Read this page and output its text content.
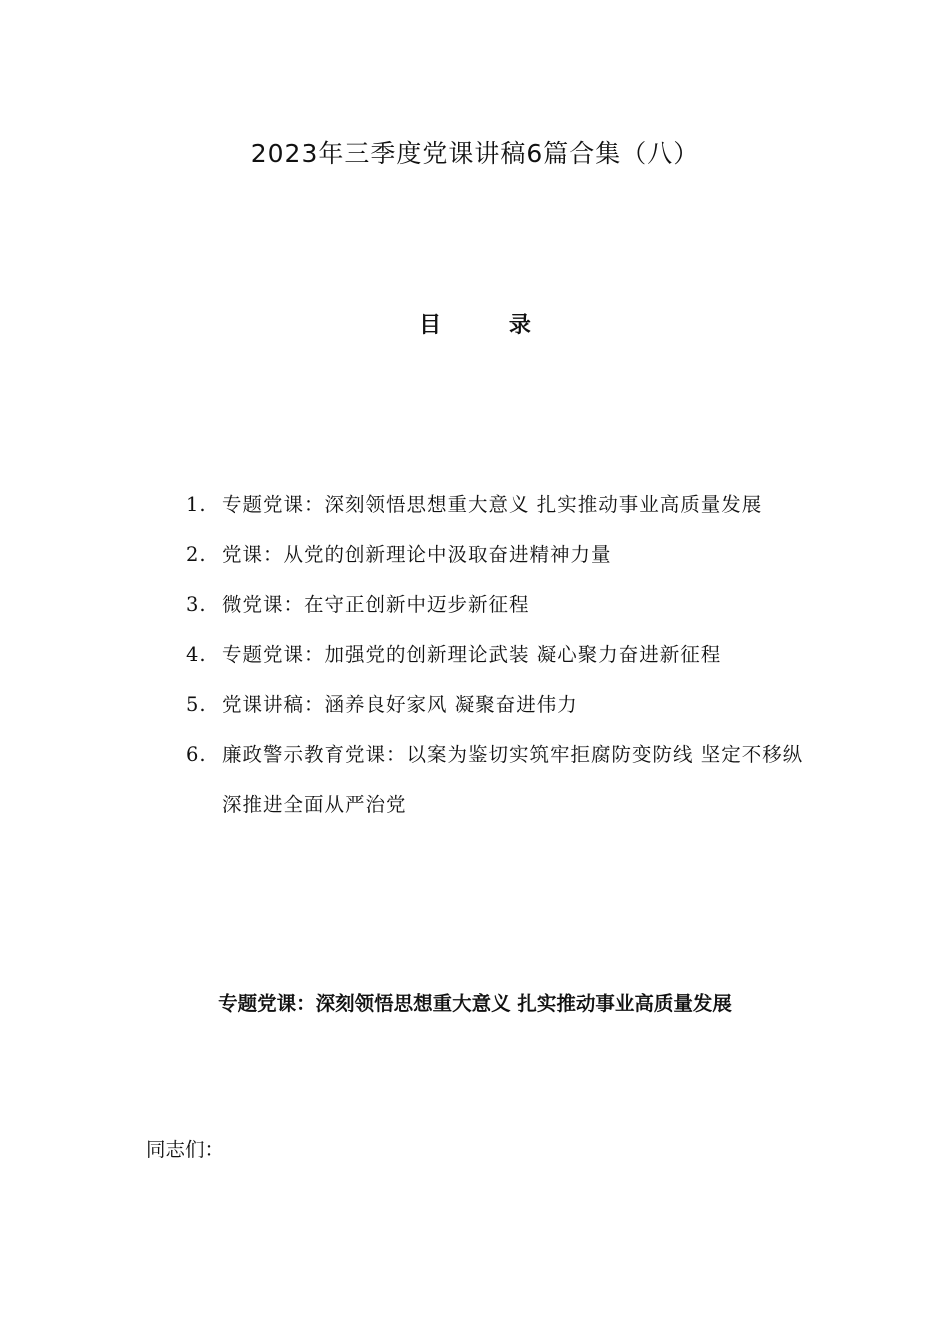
2023年三季度党课讲稿6篇合集（八）
目 录
1. 专题党课：深刻领悟思想重大意义 扎实推动事业高质量发展
2. 党课：从党的创新理论中汲取奋进精神力量
3. 微党课：在守正创新中迈步新征程
4. 专题党课：加强党的创新理论武装 凝心聚力奋进新征程
5. 党课讲稿：涵养良好家风 凝聚奋进伟力
6. 廉政警示教育党课：以案为鉴切实筑牢拒腐防变防线 坚定不移纵深推进全面从严治党
专题党课：深刻领悟思想重大意义 扎实推动事业高质量发展

同志们：
